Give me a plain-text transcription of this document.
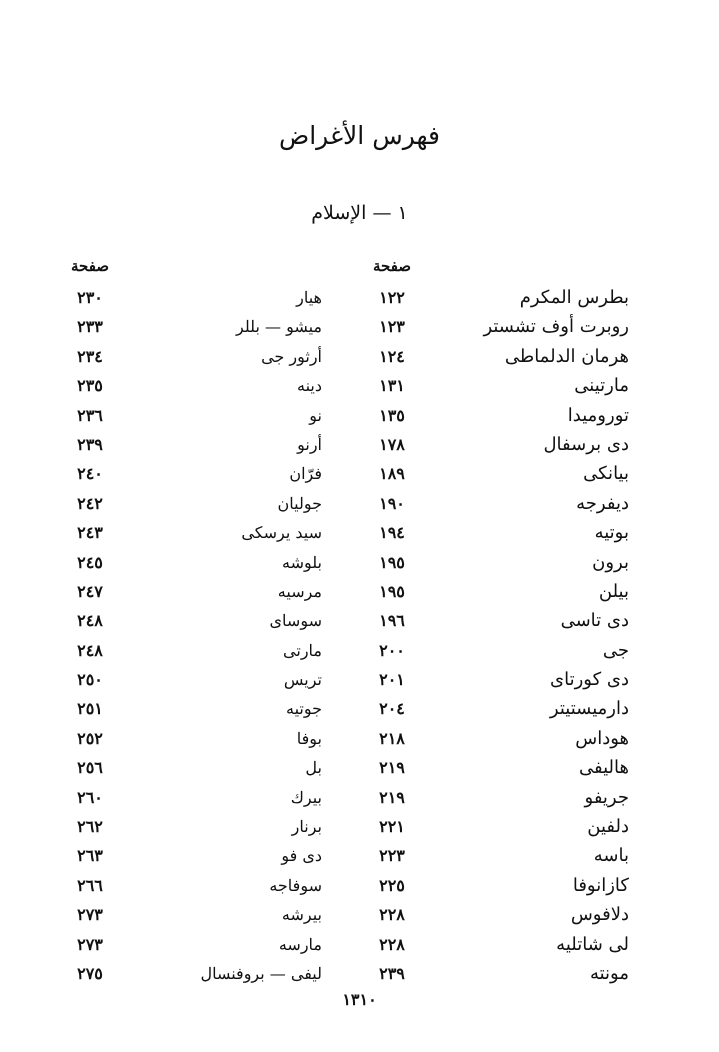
فهرس الأغراض
١ — الإسلام
صفحة
صفحة
بطرس المكرم
١٢٢
هيار
٢٣٠
روبرت أوف تشستر
١٢٣
ميشو — بللر
٢٣٣
هرمان الدلماطى
١٢٤
أرثور جى
٢٣٤
مارتينى
١٣١
دينه
٢٣٥
توروميدا
١٣٥
نو
٢٣٦
دى برسفال
١٧٨
أرنو
٢٣٩
بيانكى
١٨٩
فرّان
٢٤٠
ديفرجه
١٩٠
جوليان
٢٤٢
بوتيه
١٩٤
سيد يرسكى
٢٤٣
برون
١٩٥
بلوشه
٢٤٥
بيلن
١٩٥
مرسيه
٢٤٧
دى تاسى
١٩٦
سوساى
٢٤٨
جى
٢٠٠
مارتى
٢٤٨
دى كورتاى
٢٠١
تريس
٢٥٠
دارميستيتر
٢٠٤
جوتيه
٢٥١
هوداس
٢١٨
بوفا
٢٥٢
هاليفى
٢١٩
بل
٢٥٦
جريفو
٢١٩
بيرك
٢٦٠
دلفين
٢٢١
برنار
٢٦٢
باسه
٢٢٣
دى فو
٢٦٣
كازانوفا
٢٢٥
سوفاجه
٢٦٦
دلافوس
٢٢٨
بيرشه
٢٧٣
لى شاتليه
٢٢٨
مارسه
٢٧٣
مونته
٢٣٩
ليفى — بروفنسال
٢٧٥
١٣١٠
